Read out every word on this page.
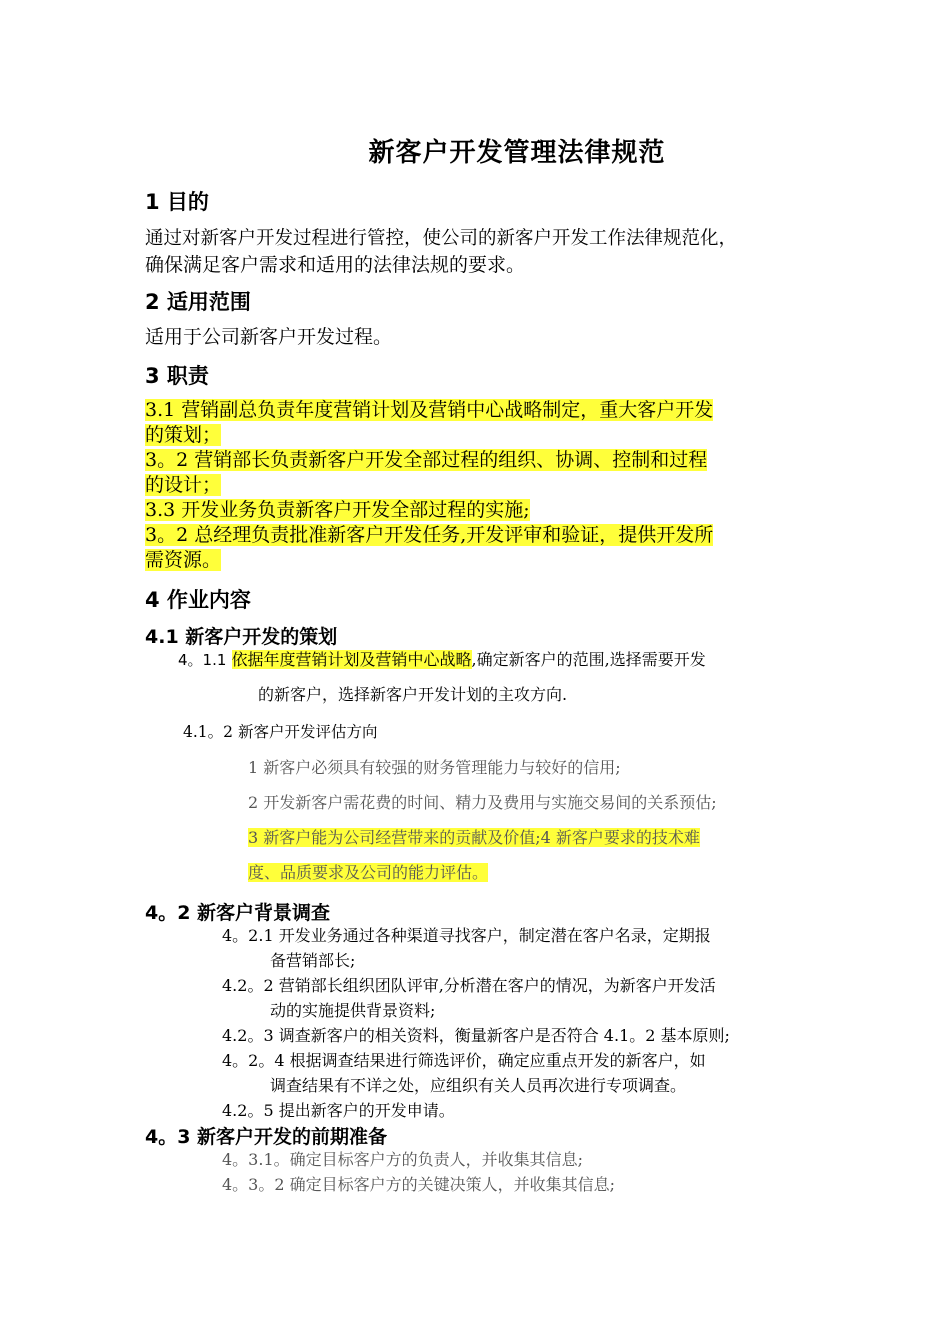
新客户开发管理法律规范
1 目的
通过对新客户开发过程进行管控，使公司的新客户开发工作法律规范化，
确保满足客户需求和适用的法律法规的要求。
2 适用范围
适用于公司新客户开发过程。
3 职责
3.1 营销副总负责年度营销计划及营销中心战略制定，重大客户开发
的策划；
3。2 营销部长负责新客户开发全部过程的组织、协调、控制和过程
的设计；
3.3 开发业务负责新客户开发全部过程的实施;
3。2 总经理负责批准新客户开发任务,开发评审和验证，提供开发所
需资源。
4 作业内容
4.1 新客户开发的策划
4。1.1 依据年度营销计划及营销中心战略,确定新客户的范围,选择需要开发
的新客户，选择新客户开发计划的主攻方向.
4.1。2 新客户开发评估方向
1 新客户必须具有较强的财务管理能力与较好的信用;
2 开发新客户需花费的时间、精力及费用与实施交易间的关系预估;
3 新客户能为公司经营带来的贡献及价值;4 新客户要求的技术难
度、品质要求及公司的能力评估。
4。2 新客户背景调查
4。2.1 开发业务通过各种渠道寻找客户，制定潜在客户名录，定期报
备营销部长;
4.2。2 营销部长组织团队评审,分析潜在客户的情况，为新客户开发活
动的实施提供背景资料;
4.2。3 调查新客户的相关资料，衡量新客户是否符合 4.1。2 基本原则;
4。2。4 根据调查结果进行筛选评价，确定应重点开发的新客户，如
调查结果有不详之处，应组织有关人员再次进行专项调查。
4.2。5 提出新客户的开发申请。
4。3 新客户开发的前期准备
4。3.1。确定目标客户方的负责人，并收集其信息;
4。3。2 确定目标客户方的关键决策人，并收集其信息;
